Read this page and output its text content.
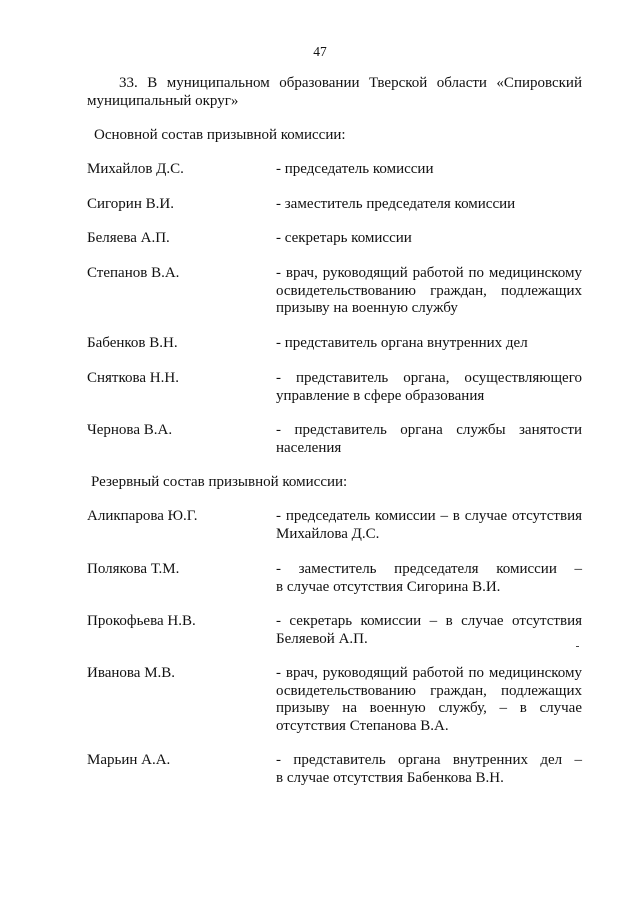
47
33. В муниципальном образовании Тверской области «Спировский
муниципальный округ»
Основной состав призывной комиссии:
Михайлов Д.С.	- председатель комиссии
Сигорин В.И.	- заместитель председателя комиссии
Беляева А.П.	- секретарь комиссии
Степанов В.А.	- врач, руководящий работой по медицинскому
освидетельствованию граждан, подлежащих
призыву на военную службу
Бабенков В.Н.	- представитель органа внутренних дел
Сняткова Н.Н.	- представитель органа, осуществляющего
управление в сфере образования
Чернова В.А.	- представитель органа службы занятости
населения
Резервный состав призывной комиссии:
Аликпарова Ю.Г.	- председатель комиссии – в случае отсутствия
Михайлова Д.С.
Полякова Т.М.	- заместитель председателя комиссии –
в случае отсутствия Сигорина В.И.
Прокофьева Н.В.	- секретарь комиссии – в случае отсутствия
Беляевой А.П.
Иванова М.В.	- врач, руководящий работой по медицинскому
освидетельствованию граждан, подлежащих
призыву на военную службу, – в случае
отсутствия Степанова В.А.
Марьин А.А.	- представитель органа внутренних дел –
в случае отсутствия Бабенкова В.Н.
